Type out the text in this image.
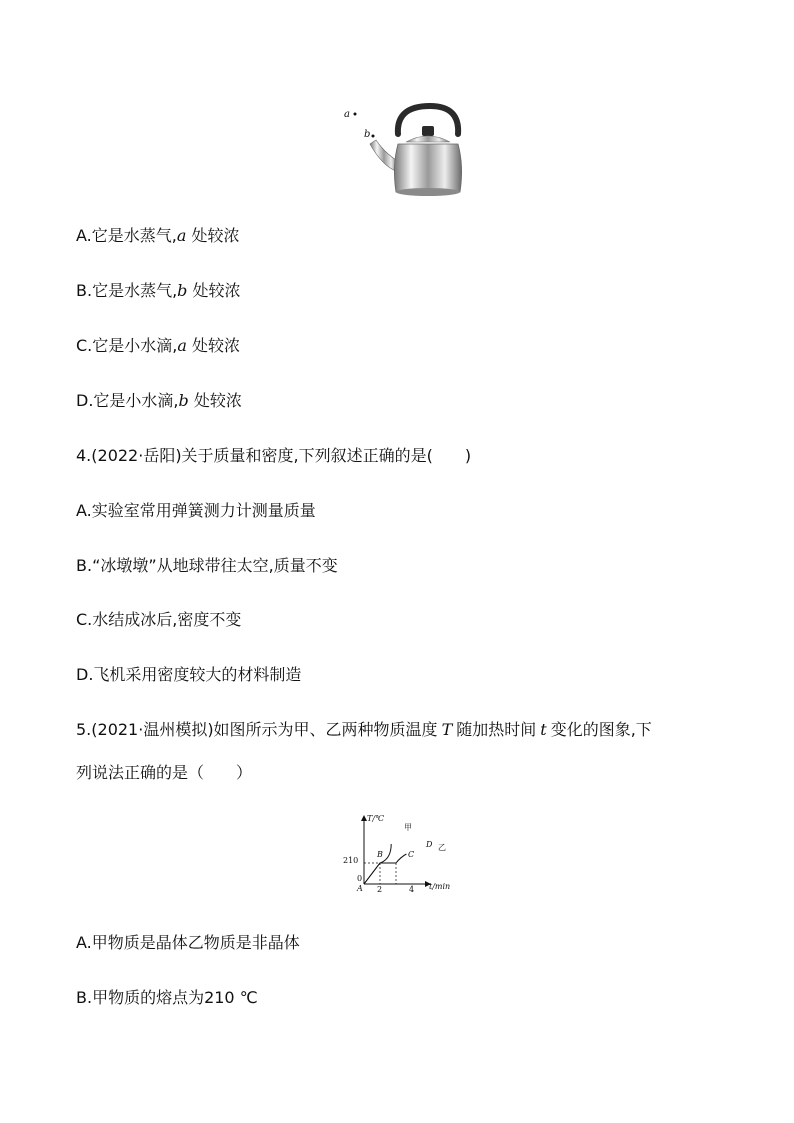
a
b
A.它是水蒸气,a 处较浓
B.它是水蒸气,b 处较浓
C.它是小水滴,a 处较浓
D.它是小水滴,b 处较浓
4.(2022·岳阳)关于质量和密度,下列叙述正确的是(　　)
A.实验室常用弹簧测力计测量质量
B.“冰墩墩”从地球带往太空,质量不变
C.水结成冰后,密度不变
D.飞机采用密度较大的材料制造
5.(2021·温州模拟)如图所示为甲、乙两种物质温度 T 随加热时间 t 变化的图象,下
列说法正确的是（　　）
T/℃
t/min
210
0
2	4
A
B	C
D
甲
乙
A.甲物质是晶体乙物质是非晶体
B.甲物质的熔点为210 ℃
